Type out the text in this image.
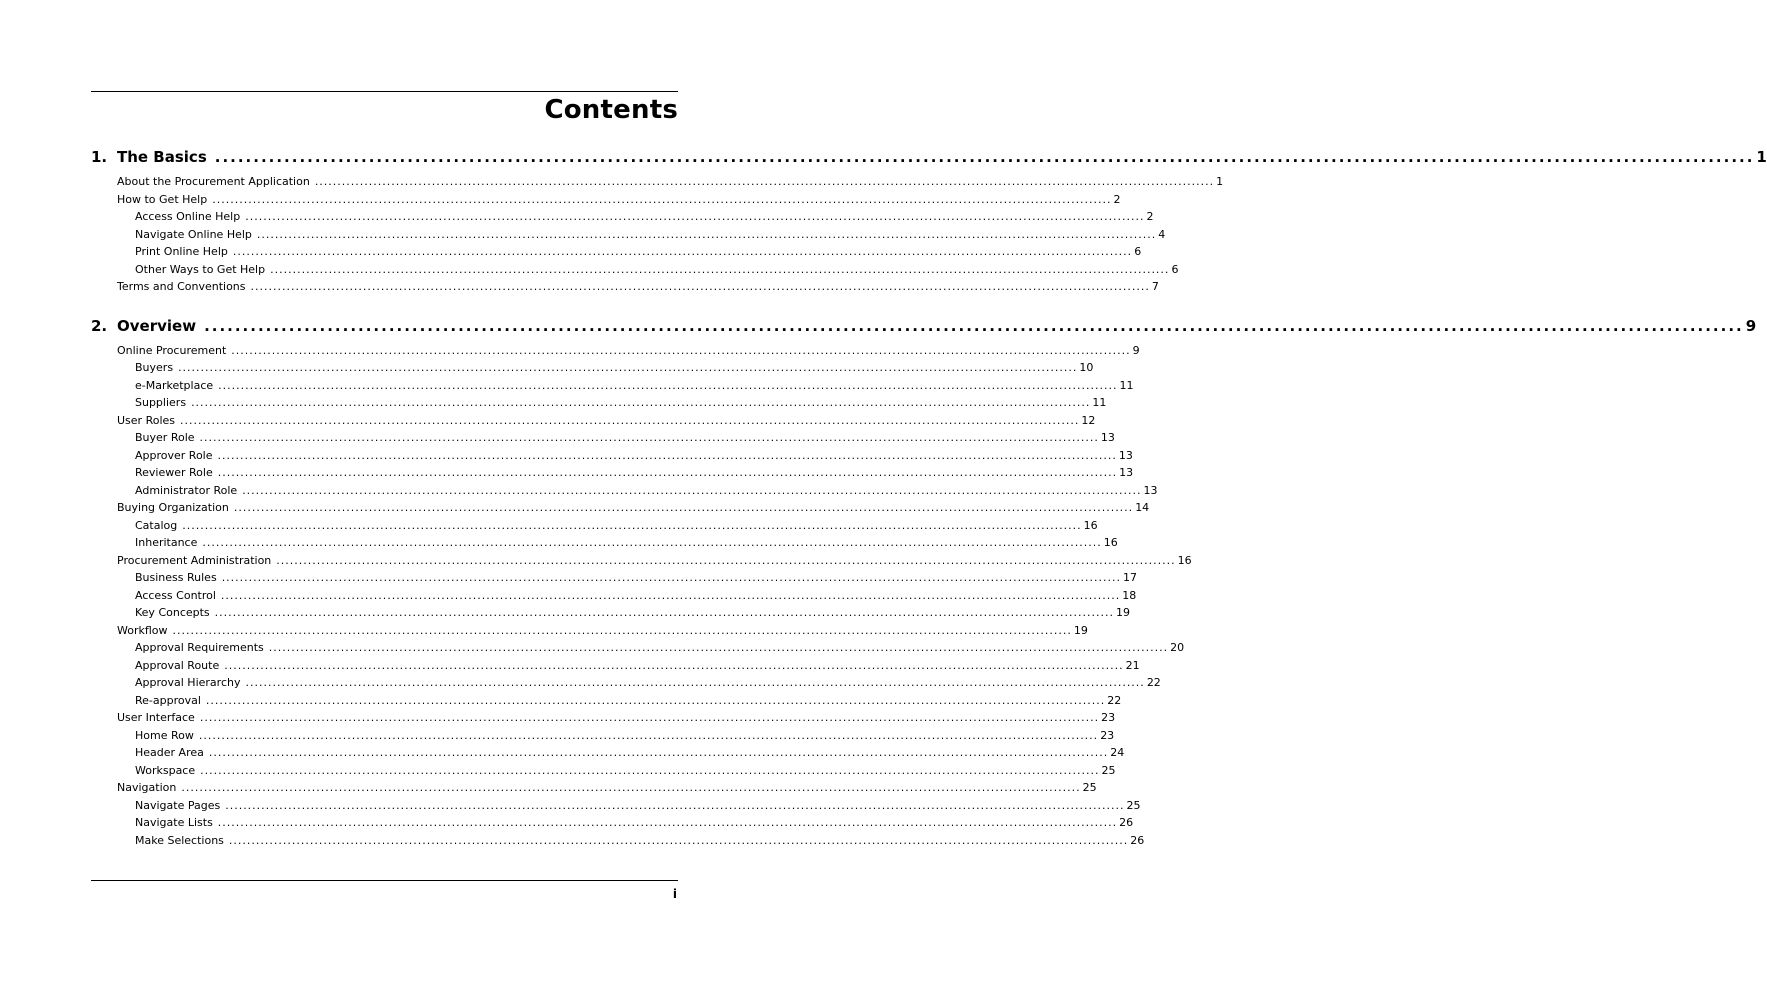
Contents
1. The Basics ........................................................................................................................................................................................................ 1
About the Procurement Application ........................................................................................................................................................................................................ 1
How to Get Help ........................................................................................................................................................................................................ 2
Access Online Help ........................................................................................................................................................................................................ 2
Navigate Online Help ........................................................................................................................................................................................................ 4
Print Online Help ........................................................................................................................................................................................................ 6
Other Ways to Get Help ........................................................................................................................................................................................................ 6
Terms and Conventions ........................................................................................................................................................................................................ 7
2. Overview ........................................................................................................................................................................................................ 9
Online Procurement ........................................................................................................................................................................................................ 9
Buyers ........................................................................................................................................................................................................ 10
e-Marketplace ........................................................................................................................................................................................................ 11
Suppliers ........................................................................................................................................................................................................ 11
User Roles ........................................................................................................................................................................................................ 12
Buyer Role ........................................................................................................................................................................................................ 13
Approver Role ........................................................................................................................................................................................................ 13
Reviewer Role ........................................................................................................................................................................................................ 13
Administrator Role ........................................................................................................................................................................................................ 13
Buying Organization ........................................................................................................................................................................................................ 14
Catalog ........................................................................................................................................................................................................ 16
Inheritance ........................................................................................................................................................................................................ 16
Procurement Administration ........................................................................................................................................................................................................ 16
Business Rules ........................................................................................................................................................................................................ 17
Access Control ........................................................................................................................................................................................................ 18
Key Concepts ........................................................................................................................................................................................................ 19
Workflow ........................................................................................................................................................................................................ 19
Approval Requirements ........................................................................................................................................................................................................ 20
Approval Route ........................................................................................................................................................................................................ 21
Approval Hierarchy ........................................................................................................................................................................................................ 22
Re-approval ........................................................................................................................................................................................................ 22
User Interface ........................................................................................................................................................................................................ 23
Home Row ........................................................................................................................................................................................................ 23
Header Area ........................................................................................................................................................................................................ 24
Workspace ........................................................................................................................................................................................................ 25
Navigation ........................................................................................................................................................................................................ 25
Navigate Pages ........................................................................................................................................................................................................ 25
Navigate Lists ........................................................................................................................................................................................................ 26
Make Selections ........................................................................................................................................................................................................ 26

i
